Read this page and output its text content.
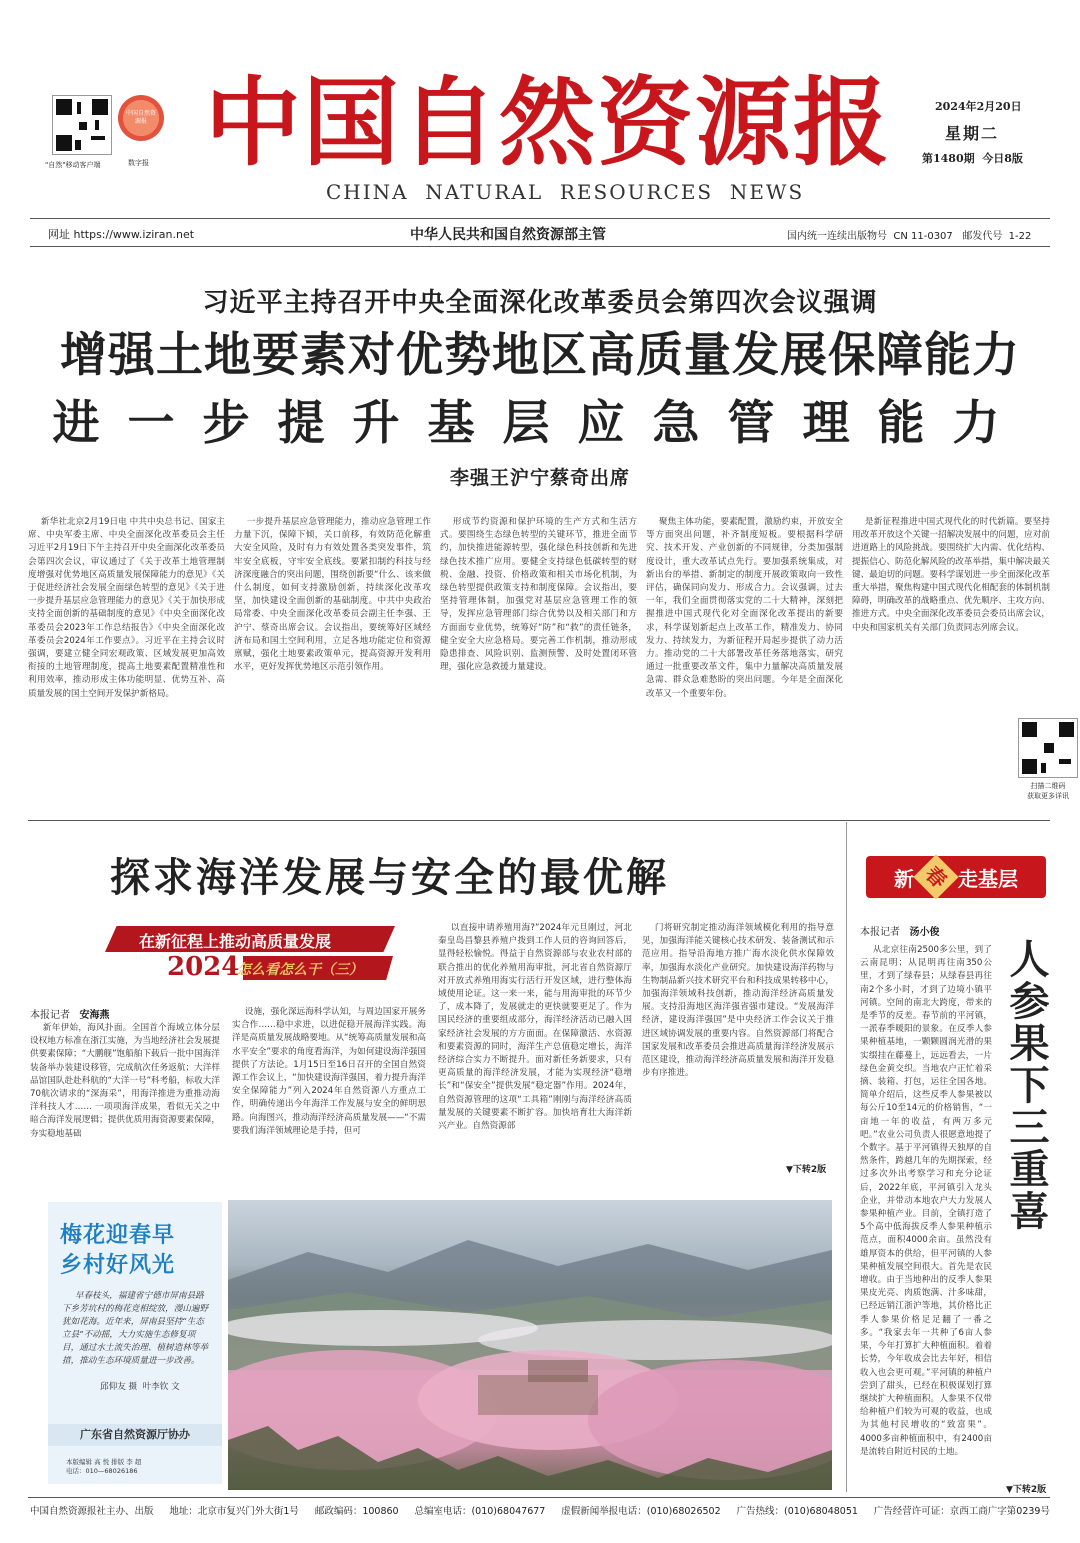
"自然"移动客户端
中国自然资源报
数字报 中国自然资源报
CHINA  NATURAL  RESOURCES  NEWS
2024年2月20日
星期二
第1480期  今日8版
网址 https://www.iziran.net	中华人民共和国自然资源部主管	国内统一连续出版物号  CN 11-0307   邮发代号  1-22
习近平主持召开中央全面深化改革委员会第四次会议强调
增强土地要素对优势地区高质量发展保障能力
进一步提升基层应急管理能力
李强王沪宁蔡奇出席

新华社北京2月19日电 中共中央总书记、国家主席、中央军委主席、中央全面深化改革委员会主任习近平2月19日下午主持召开中央全面深化改革委员会第四次会议，审议通过了《关于改革土地管理制度增强对优势地区高质量发展保障能力的意见》《关于促进经济社会发展全面绿色转型的意见》《关于进一步提升基层应急管理能力的意见》《关于加快形成支持全面创新的基础制度的意见》《中央全面深化改革委员会2023年工作总结报告》《中央全面深化改革委员会2024年工作要点》。习近平在主持会议时强调，要建立健全同宏观政策、区域发展更加高效衔接的土地管理制度，提高土地要素配置精准性和利用效率，推动形成主体功能明显、优势互补、高质量发展的国土空间开发保护新格局。

一步提升基层应急管理能力，推动应急管理工作力量下沉，保障下倾，关口前移，有效防范化解重大安全风险，及时有力有效处置各类突发事件，筑牢安全底板，守牢安全底线。要紧扣制约科技与经济深度融合的突出问题，围绕创新要“什么、该来做什么制度，如何支持激励创新，持续深化改革攻坚，加快建设全面创新的基础制度。中共中央政治局常委、中央全面深化改革委员会副主任李强、王沪宁、蔡奇出席会议。会议指出，要统筹好区域经济布局和国土空间利用，立足各地功能定位和资源禀赋，强化土地要素政策单元，提高资源开发利用水平，更好发挥优势地区示范引领作用。

形成节约资源和保护环境的生产方式和生活方式。要围绕生态绿色转型的关键环节，推进全面节约，加快推进能源转型，强化绿色科技创新和先进绿色技术推广应用。要健全支持绿色低碳转型的财税、金融、投资、价格政策和相关市场化机制，为绿色转型提供政策支持和制度保障。会议指出，要坚持管理体制，加强党对基层应急管理工作的领导，发挥应急管理部门综合优势以及相关部门和方方面面专业优势，统筹好“防”和“救”的责任链条，健全安全大应急格局。要完善工作机制，推动形成隐患排查、风险识别、监测预警、及时处置闭环管理，强化应急救援力量建设。

聚焦主体功能，要素配置，激励约束，开放安全等方面突出问题，补齐制度短板。要根据科学研究、技术开发、产业创新的不同规律，分类加强制度设计，重大改革试点先行。要加强系统集成，对新出台的举措、新制定的制度开展政策取向一致性评估，确保同向发力、形成合力。会议强调，过去一年，我们全面贯彻落实党的二十大精神，深刻把握推进中国式现代化对全面深化改革提出的新要求，科学谋划新起点上改革工作，精准发力、协同发力、持续发力，为新征程开局起步提供了动力活力。推动党的二十大部署改革任务落地落实，研究通过一批重要改革文件，集中力量解决高质量发展急需、群众急难愁盼的突出问题。今年是全面深化改革又一个重要年份。

是新征程推进中国式现代化的时代新篇。要坚持用改革开放这个关键一招解决发展中的问题，应对前进道路上的风险挑战。要围绕扩大内需、优化结构、提振信心、防范化解风险的改革举措，集中解决最关键、最迫切的问题。要科学谋划进一步全面深化改革重大举措，聚焦构建中国式现代化相配套的体制机制障碍，明确改革的战略重点、优先顺序、主攻方向、推进方式。中央全面深化改革委员会委员出席会议，中央和国家机关有关部门负责同志列席会议。

扫描二维码
获取更多详讯
探求海洋发展与安全的最优解
在新征程上推动高质量发展
2024
怎么看怎么干（三）
本报记者 安海燕

新年伊始，海风扑面。全国首个海域立体分层设权地方标准在浙江实施，为当地经济社会发展提供要素保障；“大鹏舰”饱船舶下载后一批中国海洋装备举办装建设移管，完成航次任务返航；大洋样品馆国队赴赴科航的“大洋一号”科考船，标收大洋70航次请求的“深海采”，用海洋推进为重推动海洋科技人才…… 一项项海洋成果，看似无关之中暗合海洋发展逻辑；提供优质用海资源要素保障，夯实稳地基础

设施，强化深远海科学认知，与周边国家开展务实合作……稳中求进，以进促稳开展海洋实践。海洋是高质量发展战略要地。从“统筹高质量发展和高水平安全”要求的角度看海洋，为如何建设海洋强国提供了方法论。1月15日至16日召开的全国自然资源工作会议上，“加快建设海洋强国，着力提升海洋安全保障能力”列入2024年自然资源八方重点工作，明确传递出今年海洋工作发展与安全的鲜明思路。向海图兴，推动海洋经济高质量发展——“不需要我们海洋领域理论是手持，但可

以直接申请养殖用海?”2024年元旦刚过，河北秦皇岛昌黎县养殖户拨到工作人员的咨询回答后，显得轻松愉悦。得益于自然资源部与农业农村部的联合推出的优化养殖用海审批，河北省自然资源厅对开放式养殖用海实行活行开发区域，进行整体海域使用论证。这一来一来，能与用海审批的环节少了，成本降了，发展就走的更快就要更足了。作为国民经济的重要组成部分，海洋经济活动已融入国家经济社会发展的方方面面。在保障激活、水资源和要素资源的同时，海洋生产总值稳定增长，海洋经济综合实力不断提升。面对新任务新要求，只有更高质量的海洋经济发展，才能为实现经济“稳增长”和“保安全”提供发展“稳定器”作用。2024年，自然资源管理的这项“工具箱”刚刚与海洋经济高质量发展的关键要素不断扩容。加快培育壮大海洋新兴产业。自然资源部

门将研究制定推动海洋领域模化利用的指导意见，加强海洋能关键核心技术研发、装备测试和示范应用。指导沿海地方推广海水淡化供水保障效率，加强海水淡化产业研究。加快建设海洋药物与生物制品新兴技术研究平台和科技成果转移中心，加强海洋领域科技创新，推动海洋经济高质量发展。支持沿海地区海洋强省强市建设。“发展海洋经济，建设海洋强国”是中央经济工作会议关于推进区域协调发展的重要内容。自然资源部门将配合国家发展和改革委员会推进高质量海洋经济发展示范区建设，推动海洋经济高质量发展和海洋开发稳步有序推进。

▼下转2版
梅花迎春早
乡村好风光
早春枝头，福建省宁德市屏南县路下乡芳坑村的梅花竞相绽放，漫山遍野犹如花海。近年来，屏南县坚持“生态立县”不动摇，大力实施生态修复项目，通过水土流失治理、植树造林等举措，推动生态环境质量进一步改善。
邱仰友 摄  叶李钦 文
广东省自然资源厅协办
本版编辑 高 悦 排版 李 超
电话：010—68026186
新 春 走基层
本报记者 汤小俊

从北京往南2500多公里，到了云南昆明；从昆明再往南350公里，才到了绿春县；从绿春县再往南2个多小时，才到了边境小镇平河镇。空间的南北大跨度，带来的是季节的反差。春节前的平河镇，一派春季暖阳的景象。在反季人参果种植基地，一颗颗圆润光滑的果实缀挂在藤蔓上，远远看去，一片绿色金黄交织。当地农户正忙着采摘、装箱、打包，运往全国各地。简单介绍后，这些反季人参果被以每公斤10至14元的价格销售，“一亩地一年的收益，有两万多元吧。”农业公司负责人很愿意地提了个数字。基于平河镇得天独厚的自然条件，跨越几年的先期探索，经过多次外出考察学习和充分论证后，2022年底，平河镇引入龙头企业，并带动本地农户大力发展人参果种植产业。目前，全镇打造了5个高中低海拔反季人参果种植示范点，面积4000余亩。虽然没有雄厚资本的供给，但平河镇的人参果种植发展空间很大。首先是农民增收。由于当地种出的反季人参果果皮光亮、肉质饱满、汁多味甜，已经远销江浙沪等地，其价格比正季人参果价格足足翻了一番之多。“我家去年一共种了6亩人参果，今年打算扩大种植面积。着着长势，今年收成会比去年好，相信收入也会更可观。”平河镇的种植户尝到了甜头，已经在积极谋划打算继续扩大种植面积。人参果不仅带给种植户们较为可观的收益，也成为其他村民增收的“致富果”。4000多亩种植面积中，有2400亩是流转自附近村民的土地。

人参果下三重喜
▼下转2版
中国自然资源报社主办、出版 地址：北京市复兴门外大街1号 邮政编码：100860 总编室电话：(010)68047677 虚假新闻举报电话：(010)68026502 广告热线：(010)68048051 广告经营许可证：京西工商广字第0239号
